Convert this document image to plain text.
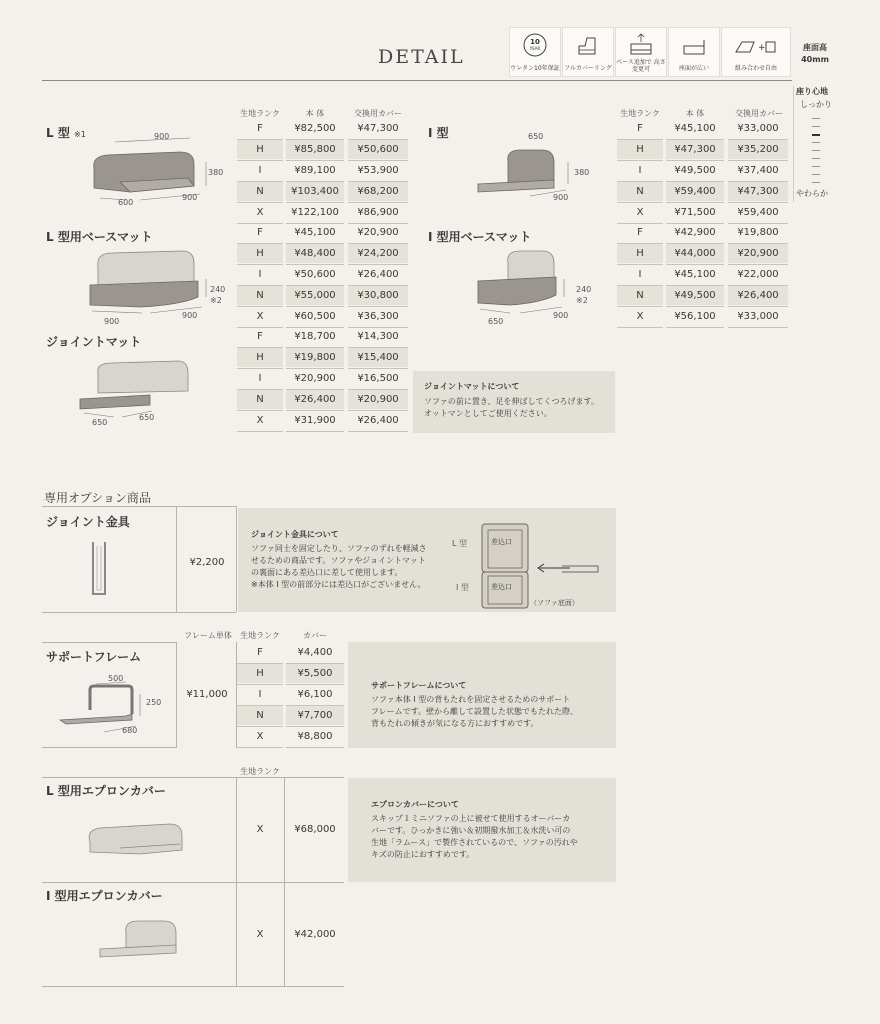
DETAIL
10
YEAR
ウレタン10年保証 フルカバーリング
ベース追加で 高さ変更可	座面が広い
+
組み合わせ自由
座面高
40mm
座り心地
しっかり
やわらか
生地ランク	本 体	交換用カバー	生地ランク	本 体	交換用カバー
L 型 ※1
L 型用ベースマット
ジョイントマット
I 型
I 型用ベースマット
900
380
600
900
240
※2
900
900
650
650
650
380
900
240
※2
650
900
F	¥82,500	¥47,300
H	¥85,800	¥50,600
I	¥89,100	¥53,900
N	¥103,400	¥68,200
X	¥122,100	¥86,900
F	¥45,100	¥20,900
H	¥48,400	¥24,200
I	¥50,600	¥26,400
N	¥55,000	¥30,800
X	¥60,500	¥36,300
F	¥18,700	¥14,300
H	¥19,800	¥15,400
I	¥20,900	¥16,500
N	¥26,400	¥20,900
X	¥31,900	¥26,400
F	¥45,100	¥33,000
H	¥47,300	¥35,200
I	¥49,500	¥37,400
N	¥59,400	¥47,300
X	¥71,500	¥59,400
F	¥42,900	¥19,800
H	¥44,000	¥20,900
I	¥45,100	¥22,000
N	¥49,500	¥26,400
X	¥56,100	¥33,000
ジョイントマットについて
ソファの前に置き、足を伸ばしてくつろげます。
オットマンとしてご使用ください。
専用オプション商品
ジョイント金具
¥2,200
ジョイント金具について
ソファ同士を固定したり、ソファのずれを軽減さ
せるための商品です。ソファやジョイントマット
の裏面にある差込口に差して使用します。
※本体 I 型の前部分には差込口がございません。
L 型
I 型
差込口
差込口
（ソファ底面）
フレーム単体	生地ランク	カバー
サポートフレーム
500
250
680
¥11,000
F	¥4,400
H	¥5,500
I	¥6,100
N	¥7,700
X	¥8,800
サポートフレームについて
ソファ本体 I 型の背もたれを固定させるためのサポート
フレームです。壁から離して設置した状態でもたれた際、
背もたれの傾きが気になる方におすすめです。
生地ランク
L 型用エプロンカバー
I 型用エプロンカバー
X	¥68,000
X	¥42,000
エプロンカバーについて
スキップ１ミニソファの上に被せて使用するオーバーカ
バーです。ひっかきに強い＆初期撥水加工＆水洗い可の
生地「ラムース」で製作されているので、ソファの汚れや
キズの防止におすすめです。
